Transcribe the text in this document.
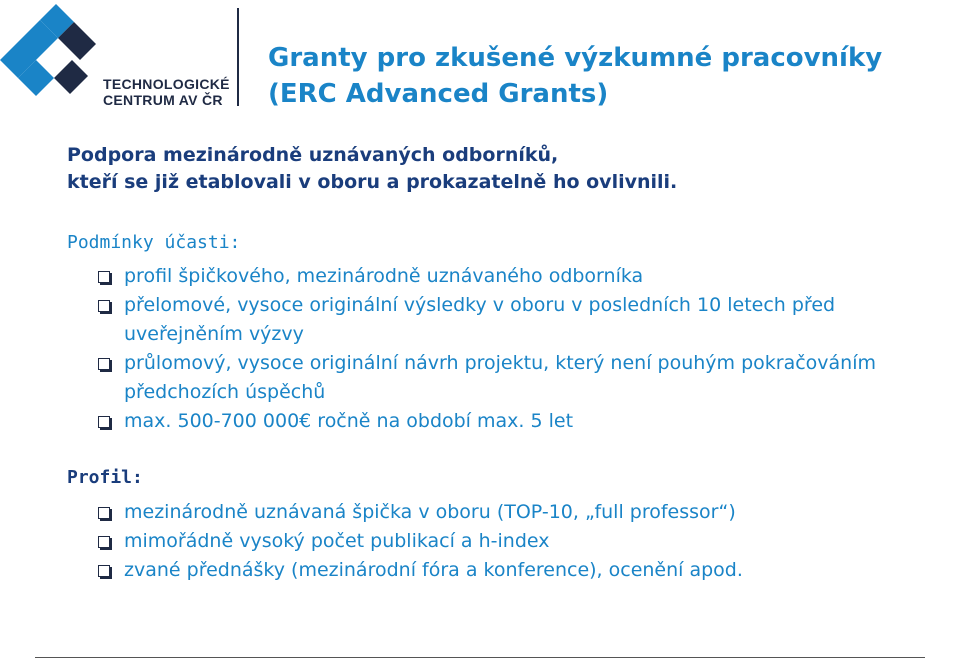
TECHNOLOGICKÉ
CENTRUM AV ČR
Granty pro zkušené výzkumné pracovníky
(ERC Advanced Grants)
Podpora mezinárodně uznávaných odborníků,
kteří se již etablovali v oboru a prokazatelně ho ovlivnili.
Podmínky účasti:
profil špičkového, mezinárodně uznávaného odborníka
přelomové, vysoce originální výsledky v oboru v posledních 10 letech před uveřejněním výzvy
průlomový, vysoce originální návrh projektu, který není pouhým pokračováním předchozích úspěchů
max. 500-700 000€ ročně na období max. 5 let
Profil:
mezinárodně uznávaná špička v oboru (TOP-10, „full professor“)
mimořádně vysoký počet publikací a h-index
zvané přednášky (mezinárodní fóra a konference), ocenění apod.
